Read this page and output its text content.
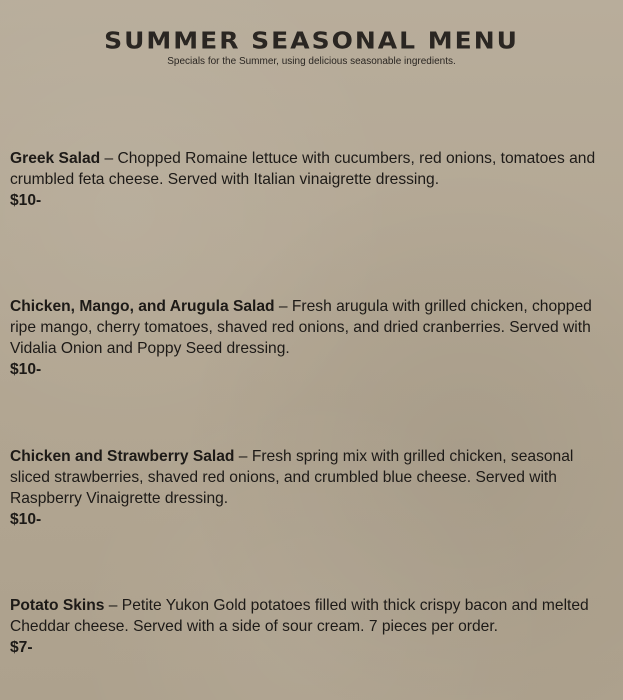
SUMMER SEASONAL MENU

Specials for the Summer, using delicious seasonable ingredients.

Greek Salad – Chopped Romaine lettuce with cucumbers, red onions, tomatoes and crumbled feta cheese. Served with Italian vinaigrette dressing.

$10-

Chicken, Mango, and Arugula Salad – Fresh arugula with grilled chicken, chopped ripe mango, cherry tomatoes, shaved red onions, and dried cranberries. Served with Vidalia Onion and Poppy Seed dressing.

$10-

Chicken and Strawberry Salad – Fresh spring mix with grilled chicken, seasonal sliced strawberries, shaved red onions, and crumbled blue cheese. Served with Raspberry Vinaigrette dressing.

$10-

Potato Skins – Petite Yukon Gold potatoes filled with thick crispy bacon and melted Cheddar cheese. Served with a side of sour cream. 7 pieces per order.

$7-
